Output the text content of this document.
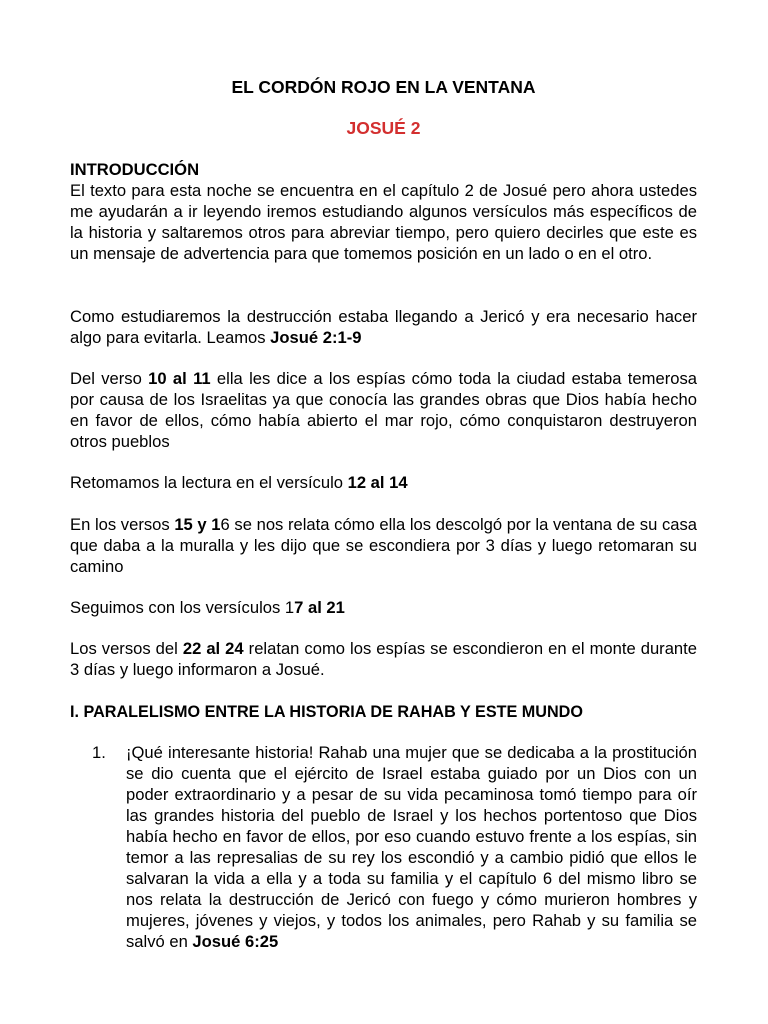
EL CORDÓN ROJO EN LA VENTANA
JOSUÉ 2
INTRODUCCIÓN
El texto para esta noche se encuentra en el capítulo 2 de Josué pero ahora ustedes me ayudarán a ir leyendo iremos estudiando algunos versículos más específicos de la historia y saltaremos otros para abreviar tiempo, pero quiero decirles que este es un mensaje de advertencia para que tomemos posición en un lado o en el otro.
Como estudiaremos la destrucción estaba llegando a Jericó y era necesario hacer algo para evitarla. Leamos Josué 2:1-9
Del verso 10 al 11 ella les dice a los espías cómo toda la ciudad estaba temerosa por causa de los Israelitas ya que conocía las grandes obras que Dios había hecho en favor de ellos, cómo había abierto el mar rojo, cómo conquistaron destruyeron otros pueblos
Retomamos la lectura en el versículo 12 al 14
En los versos 15 y 16 se nos relata cómo ella los descolgó por la ventana de su casa que daba a la muralla y les dijo que se escondiera por 3 días y luego retomaran su camino
Seguimos con los versículos 17 al 21
Los versos del 22 al 24 relatan como los espías se escondieron en el monte durante 3 días y luego informaron a Josué.
I. PARALELISMO ENTRE LA HISTORIA DE RAHAB Y ESTE MUNDO
1. ¡Qué interesante historia! Rahab una mujer que se dedicaba a la prostitución se dio cuenta que el ejército de Israel estaba guiado por un Dios con un poder extraordinario y a pesar de su vida pecaminosa tomó tiempo para oír las grandes historia del pueblo de Israel y los hechos portentoso que Dios había hecho en favor de ellos, por eso cuando estuvo frente a los espías, sin temor a las represalias de su rey los escondió y a cambio pidió que ellos le salvaran la vida a ella y a toda su familia y el capítulo 6 del mismo libro se nos relata la destrucción de Jericó con fuego y cómo murieron hombres y mujeres, jóvenes y viejos, y todos los animales, pero Rahab y su familia se salvó en Josué 6:25
